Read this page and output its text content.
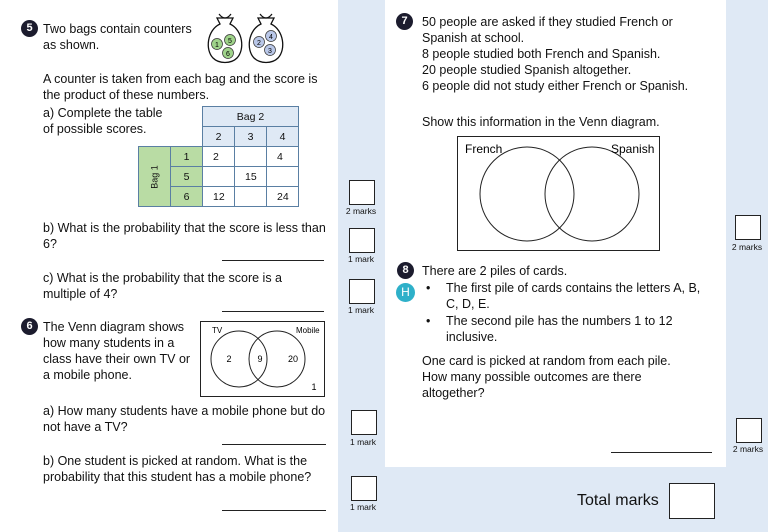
5 Two bags contain counters
as shown.	1
5
6
4
2
3
A counter is taken from each bag and the score is
the product of these numbers.
a) Complete the table
of possible scores.
		Bag 2		
		2	3	4

Bag 1	1	2		4
	5		15	
	6	12		24
b) What is the probability that the score is less than
6?
c) What is the probability that the score is a
multiple of 4?
2 marks
1 mark
1 mark
6 The Venn diagram shows
how many students in a
class have their own TV or
a mobile phone.
TV	Mobile
2	9	20
1
a) How many students have a mobile phone but do
not have a TV?
b) One student is picked at random. What is the
probability that this student has a mobile phone?
1 mark
1 mark
7	50 people are asked if they studied French or
Spanish at school.
8 people studied both French and Spanish.
20 people studied Spanish altogether.
6 people did not study either French or Spanish.
Show this information in the Venn diagram.
French	Spanish
2 marks
8
H
There are 2 piles of cards.
• The first pile of cards contains the letters A, B,
C, D, E.
• The second pile has the numbers 1 to 12
inclusive.
One card is picked at random from each pile.
How many possible outcomes are there
altogether?
2 marks
Total marks
